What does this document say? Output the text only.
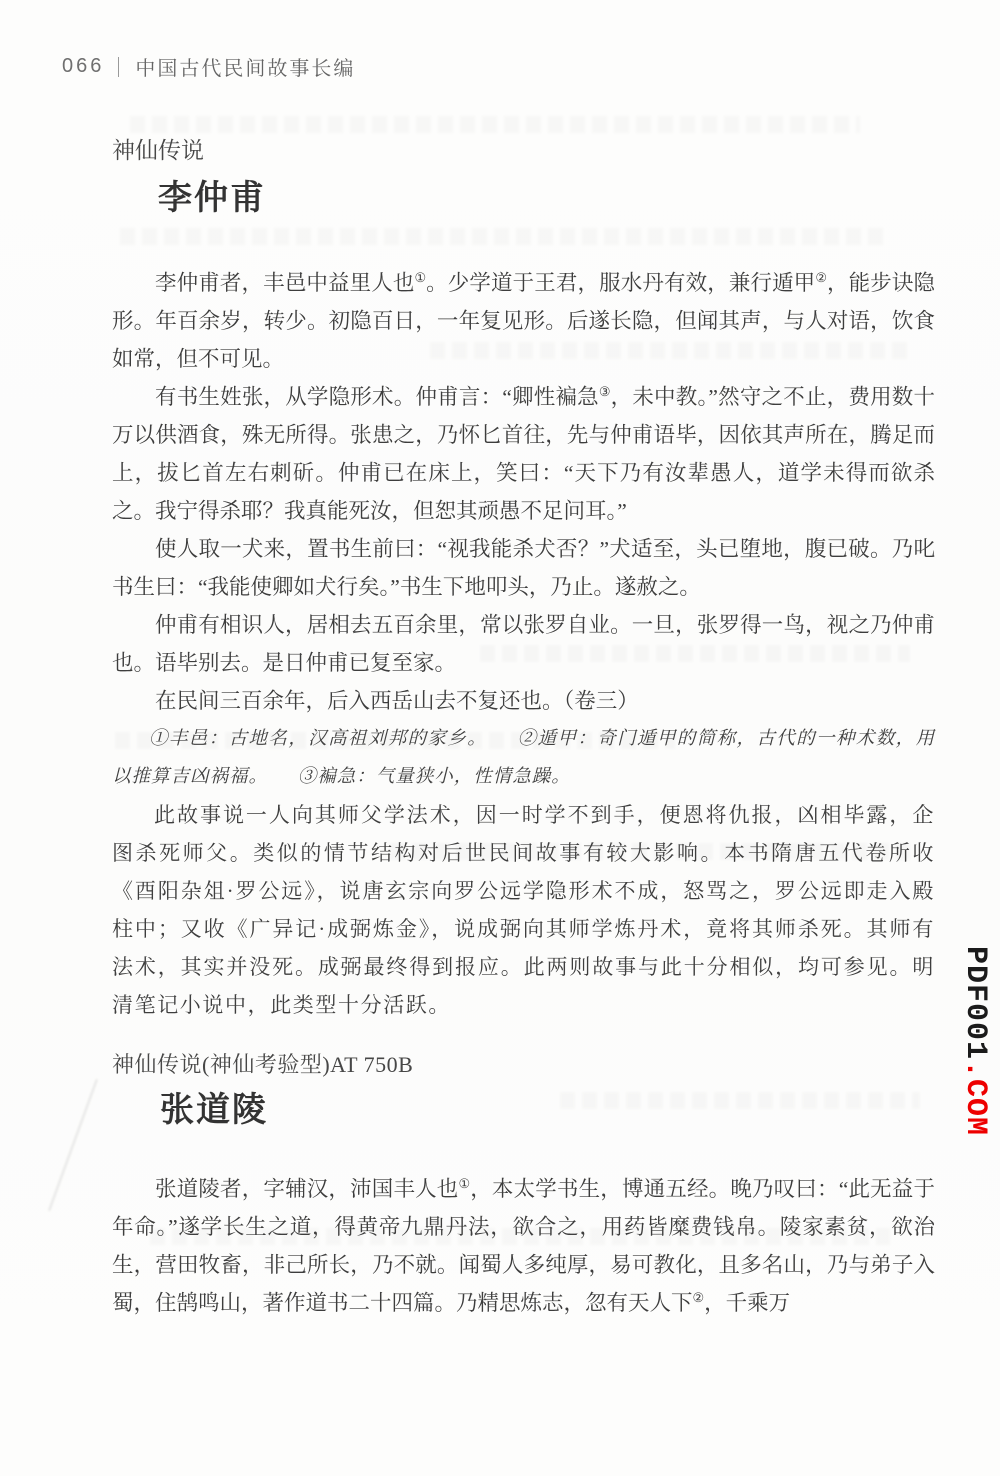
066 中国古代民间故事长编
神仙传说
李仲甫

李仲甫者，丰邑中益里人也①。少学道于王君，服水丹有效，兼行遁甲②，能步诀隐形。年百余岁，转少。初隐百日，一年复见形。后遂长隐，但闻其声，与人对语，饮食如常，但不可见。

有书生姓张，从学隐形术。仲甫言：“卿性褊急③，未中教。”然守之不止，费用数十万以供酒食，殊无所得。张患之，乃怀匕首往，先与仲甫语毕，因依其声所在，腾足而上，拔匕首左右刺斫。仲甫已在床上，笑曰：“天下乃有汝辈愚人，道学未得而欲杀之。我宁得杀耶？我真能死汝，但恕其顽愚不足问耳。”

使人取一犬来，置书生前曰：“视我能杀犬否？”犬适至，头已堕地，腹已破。乃叱书生曰：“我能使卿如犬行矣。”书生下地叩头，乃止。遂赦之。

仲甫有相识人，居相去五百余里，常以张罗自业。一旦，张罗得一鸟，视之乃仲甫也。语毕别去。是日仲甫已复至家。

在民间三百余年，后入西岳山去不复还也。（卷三）

①丰邑：古地名，汉高祖刘邦的家乡。　　②遁甲：奇门遁甲的简称，古代的一种术数，用以推算吉凶祸福。　　③褊急：气量狭小，性情急躁。

此故事说一人向其师父学法术，因一时学不到手，便恩将仇报，凶相毕露，企图杀死师父。类似的情节结构对后世民间故事有较大影响。本书隋唐五代卷所收《酉阳杂俎·罗公远》，说唐玄宗向罗公远学隐形术不成，怒骂之，罗公远即走入殿柱中；又收《广异记·成弼炼金》，说成弼向其师学炼丹术，竟将其师杀死。其师有法术，其实并没死。成弼最终得到报应。此两则故事与此十分相似，均可参见。明清笔记小说中，此类型十分活跃。

神仙传说(神仙考验型)AT 750B
张道陵

张道陵者，字辅汉，沛国丰人也①，本太学书生，博通五经。晚乃叹曰：“此无益于年命。”遂学长生之道，得黄帝九鼎丹法，欲合之，用药皆糜费钱帛。陵家素贫，欲治生，营田牧畜，非己所长，乃不就。闻蜀人多纯厚，易可教化，且多名山，乃与弟子入蜀，住鹄鸣山，著作道书二十四篇。乃精思炼志，忽有天人下②，千乘万

PDF001.COM
